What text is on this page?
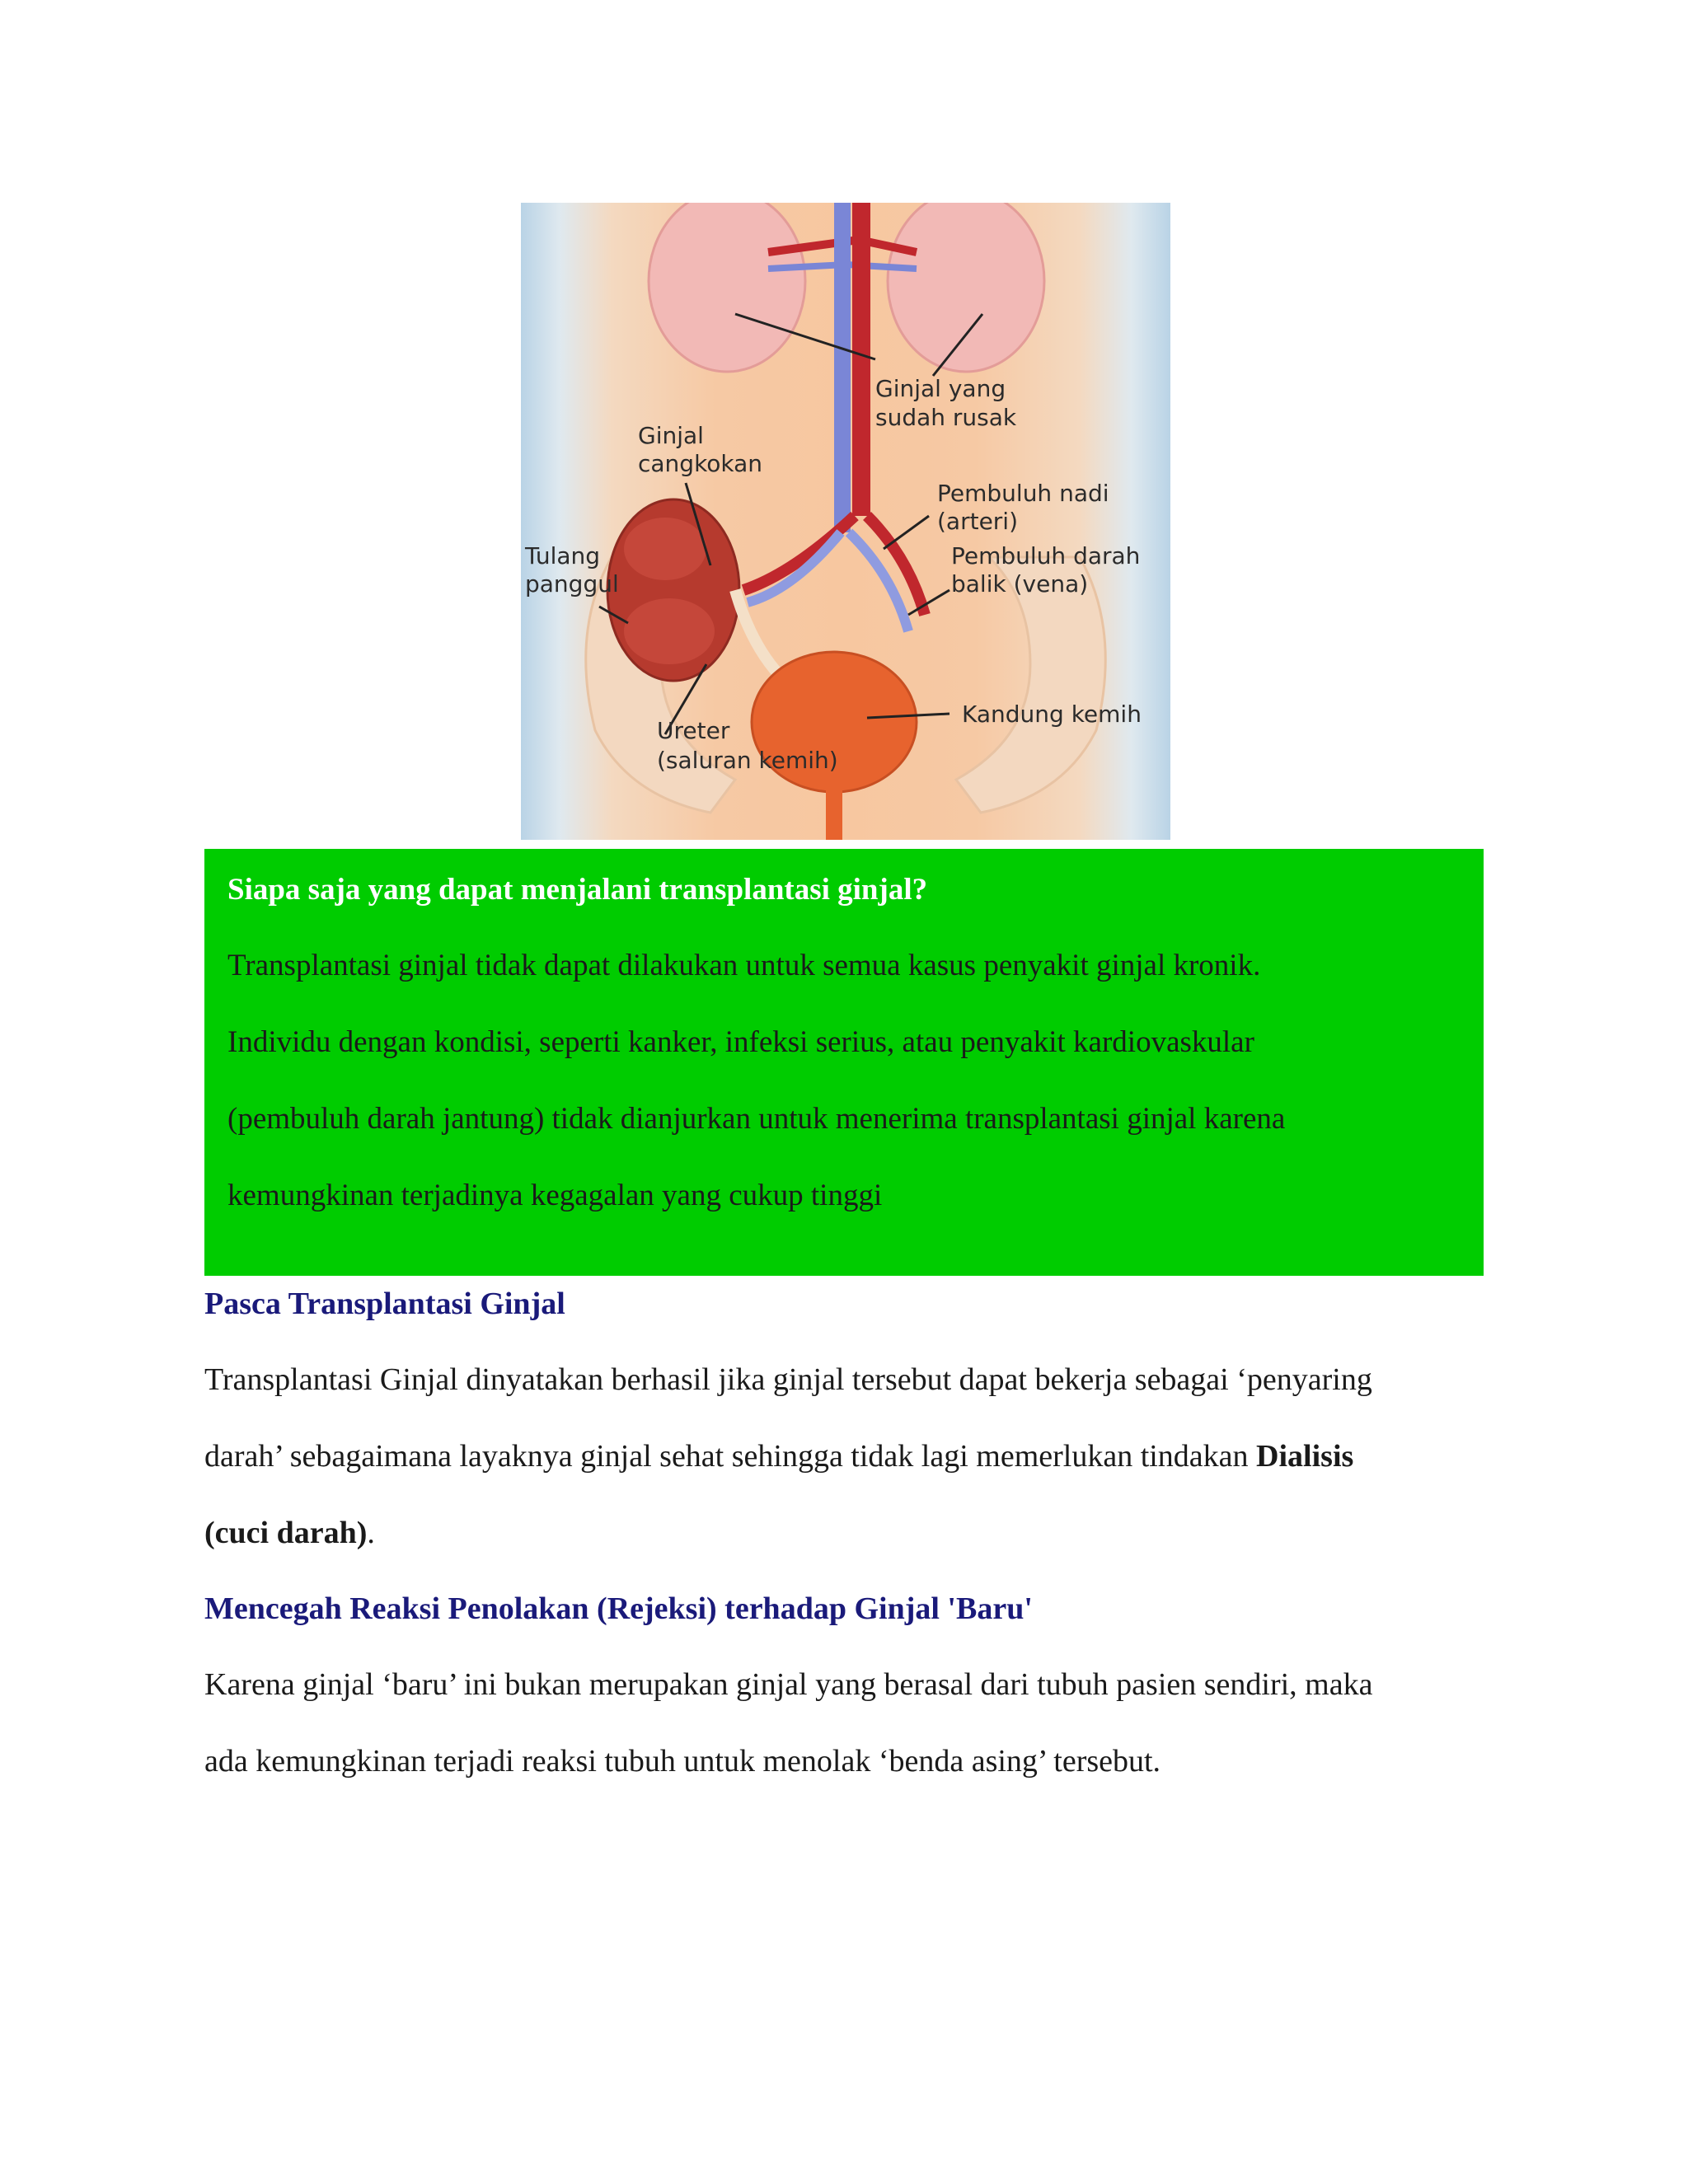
Ginjal yang
sudah rusak
Ginjal
cangkokan
Pembuluh nadi
(arteri)
Tulang
panggul
Pembuluh darah
balik (vena)
Kandung kemih
Ureter
(saluran kemih)
Siapa saja yang dapat menjalani transplantasi ginjal?
Transplantasi ginjal tidak dapat dilakukan untuk semua kasus penyakit ginjal kronik.
Individu dengan kondisi, seperti kanker, infeksi serius, atau penyakit kardiovaskular
(pembuluh darah jantung) tidak dianjurkan untuk menerima transplantasi ginjal karena
kemungkinan terjadinya kegagalan yang cukup tinggi
Pasca Transplantasi Ginjal
Transplantasi Ginjal dinyatakan berhasil jika ginjal tersebut dapat bekerja sebagai ‘penyaring
darah’ sebagaimana layaknya ginjal sehat sehingga tidak lagi memerlukan tindakan Dialisis
(cuci darah).
Mencegah Reaksi Penolakan (Rejeksi) terhadap Ginjal 'Baru'
Karena ginjal ‘baru’ ini bukan merupakan ginjal yang berasal dari tubuh pasien sendiri, maka
ada kemungkinan terjadi reaksi tubuh untuk menolak ‘benda asing’ tersebut.
